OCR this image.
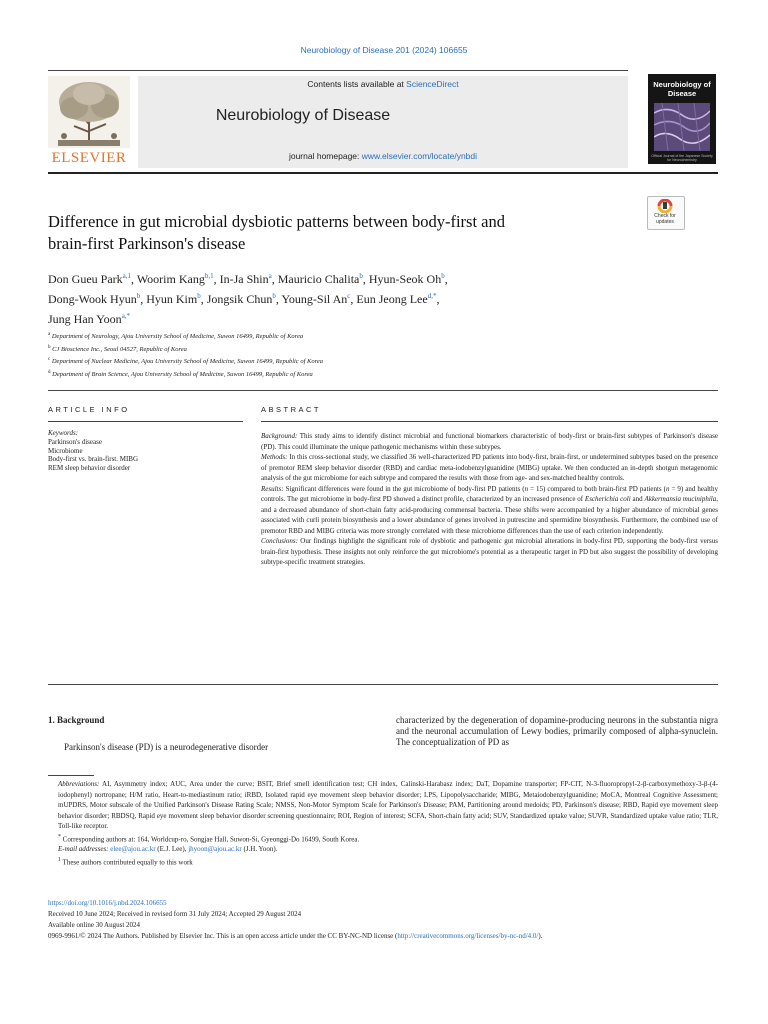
Neurobiology of Disease 201 (2024) 106655
ELSEVIER
Contents lists available at ScienceDirect
Neurobiology of Disease
journal homepage: www.elsevier.com/locate/ynbdi
Neurobiology of Disease
Official Journal of the Japanese Society for Neurochemistry
Difference in gut microbial dysbiotic patterns between body-first and
brain-first Parkinson's disease
Check for updates
Don Gueu Park$^{a,1}$, Woorim Kang$^{b,1}$, In-Ja Shin$^a$, Mauricio Chalita$^b$, Hyun-Seok Oh$^b$,
Dong-Wook Hyun$^b$, Hyun Kim$^b$, Jongsik Chun$^b$, Young-Sil An$^c$, Eun Jeong Lee$^{d,*}$,
Jung Han Yoon$^{a,*}$
$^a$ Department of Neurology, Ajou University School of Medicine, Suwon 16499, Republic of Korea
$^b$ CJ Bioscience Inc., Seoul 04527, Republic of Korea
$^c$ Department of Nuclear Medicine, Ajou University School of Medicine, Suwon 16499, Republic of Korea
$^d$ Department of Brain Science, Ajou University School of Medicine, Suwon 16499, Republic of Korea
ARTICLE INFO	ABSTRACT
Keywords:
Parkinson's disease
Microbiome
Body-first vs. brain-first. MIBG
REM sleep behavior disorder

Background: This study aims to identify distinct microbial and functional biomarkers characteristic of body-first or brain-first subtypes of Parkinson's disease (PD). This could illuminate the unique pathogenic mechanisms within these subtypes.

Methods: In this cross-sectional study, we classified 36 well-characterized PD patients into body-first, brain-first, or undetermined subtypes based on the presence of premotor REM sleep behavior disorder (RBD) and cardiac meta-iodobenzylguanidine (MIBG) uptake. We then conducted an in-depth shotgun metagenomic analysis of the gut microbiome for each subtype and compared the results with those from age- and sex-matched healthy controls.

Results: Significant differences were found in the gut microbiome of body-first PD patients (n = 15) compared to both brain-first PD patients (n = 9) and healthy controls. The gut microbiome in body-first PD showed a distinct profile, characterized by an increased presence of Escherichia coli and Akkermansia muciniphila, and a decreased abundance of short-chain fatty acid-producing commensal bacteria. These shifts were accompanied by a higher abundance of microbial genes associated with curli protein biosynthesis and a lower abundance of genes involved in putrescine and spermidine biosynthesis. Furthermore, the combined use of premotor RBD and MIBG criteria was more strongly correlated with these microbiome differences than the use of each criterion independently.

Conclusions: Our findings highlight the significant role of dysbiotic and pathogenic gut microbial alterations in body-first PD, supporting the body-first versus brain-first hypothesis. These insights not only reinforce the gut microbiome's potential as a therapeutic target in PD but also suggest the possibility of developing subtype-specific treatment strategies.

1. Background
Parkinson's disease (PD) is a neurodegenerative disorder
characterized by the degeneration of dopamine-producing neurons in the substantia nigra and the neuronal accumulation of Lewy bodies, primarily composed of alpha-synuclein. The conceptualization of PD as

Abbreviations: AI, Asymmetry index; AUC, Area under the curve; BSIT, Brief smell identification test; CH index, Calinski-Harabasz index; DaT, Dopamine transporter; FP-CIT, N-3-fluoropropyl-2-β-carboxymethoxy-3-β-(4-iodophenyl) nortropane; H/M ratio, Heart-to-mediastinum ratio; iRBD, Isolated rapid eye movement sleep behavior disorder; LPS, Lipopolysaccharide; MIBG, Metaiodobenzylguanidine; MoCA, Montreal Cognitive Assessment; mUPDRS, Motor subscale of the Unified Parkinson's Disease Rating Scale; NMSS, Non-Motor Symptom Scale for Parkinson's Disease; PAM, Partitioning around medoids; PD, Parkinson's disease; RBD, Rapid eye movement sleep behavior disorder; RBDSQ, Rapid eye movement sleep behavior disorder screening questionnaire; ROI, Region of interest; SCFA, Short-chain fatty acid; SUV, Standardized uptake value; SUVR, Standardized uptake value ratio; TLR, Toll-like receptor.

* Corresponding authors at: 164, Worldcup-ro, Songjae Hall, Suwon-Si, Gyeonggi-Do 16499, South Korea.

E-mail addresses: elee@ajou.ac.kr (E.J. Lee), jhyoon@ajou.ac.kr (J.H. Yoon).

$^1$ These authors contributed equally to this work

https://doi.org/10.1016/j.nbd.2024.106655

Received 10 June 2024; Received in revised form 31 July 2024; Accepted 29 August 2024

Available online 30 August 2024

0969-9961/© 2024 The Authors. Published by Elsevier Inc. This is an open access article under the CC BY-NC-ND license (http://creativecommons.org/licenses/by-nc-nd/4.0/).
